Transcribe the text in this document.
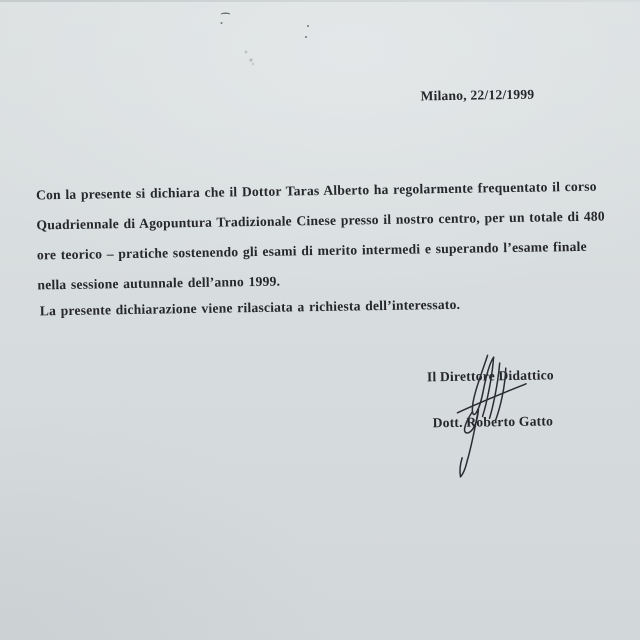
Milano, 22/12/1999
Con la presente si dichiara che il Dottor Taras Alberto ha regolarmente frequentato il corso
Quadriennale di Agopuntura Tradizionale Cinese presso il nostro centro, per un totale di 480
ore teorico – pratiche sostenendo gli esami di merito intermedi e superando l’esame finale
nella sessione autunnale dell’anno 1999.
La presente dichiarazione viene rilasciata a richiesta dell’interessato.
Il Direttore Didattico
Dott. Roberto Gatto
